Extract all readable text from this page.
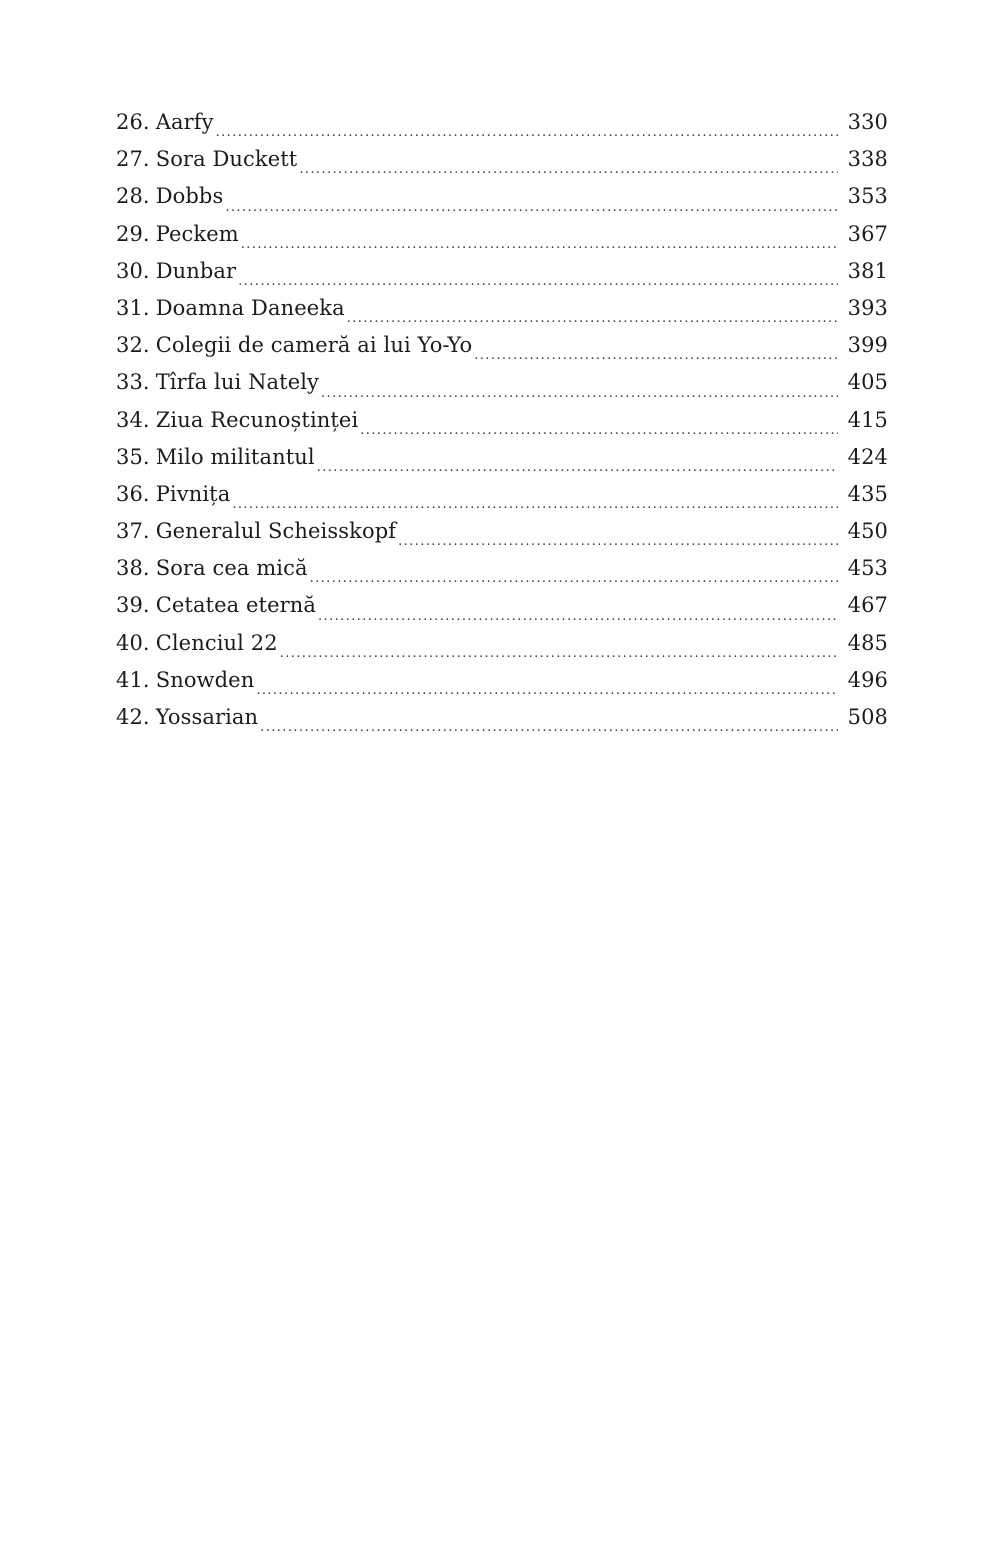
26. Aarfy .....	330
27. Sora Duckett .....	338
28. Dobbs .....	353
29. Peckem .....	367
30. Dunbar .....	381
31. Doamna Daneeka .....	393
32. Colegii de cameră ai lui Yo-Yo .....	399
33. Tîrfa lui Nately .....	405
34. Ziua Recunoștinței .....	415
35. Milo militantul .....	424
36. Pivnița .....	435
37. Generalul Scheisskopf .....	450
38. Sora cea mică .....	453
39. Cetatea eternă .....	467
40. Clenciul 22 .....	485
41. Snowden .....	496
42. Yossarian .....	508
